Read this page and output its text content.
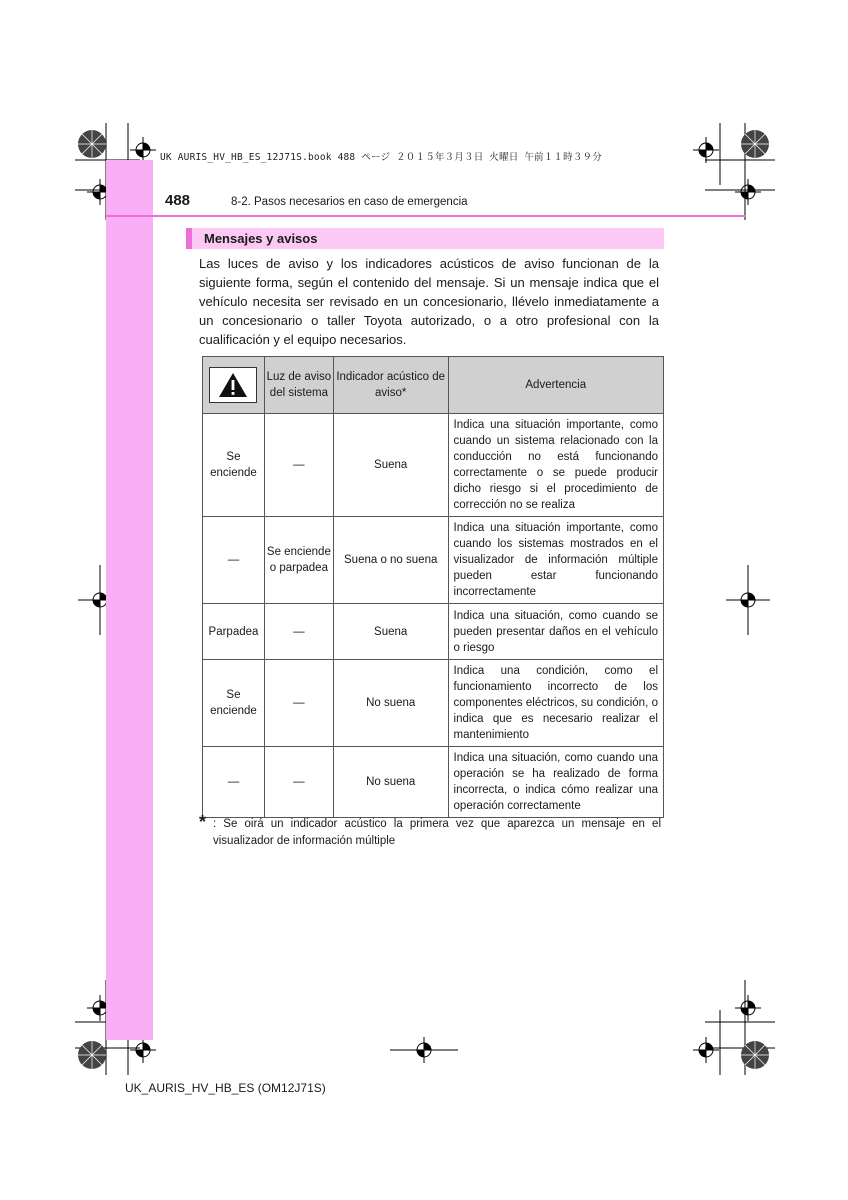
UK AURIS_HV_HB_ES_12J71S.book 488 ページ ２０１５年３月３日 火曜日 午前１１時３９分
488	8-2. Pasos necesarios en caso de emergencia
Mensajes y avisos

Las luces de aviso y los indicadores acústicos de aviso funcionan de la siguiente forma, según el contenido del mensaje. Si un mensaje indica que el vehículo necesita ser revisado en un concesionario, llévelo inmediatamente a un concesionario o taller Toyota autorizado, o a otro profesional con la cualificación y el equipo necesarios.

	Luz de aviso del sistema	Indicador acústico de aviso*	Advertencia
Se enciende	—	Suena	Indica una situación importante, como cuando un sistema relacionado con la conducción no está funcionando correctamente o se puede producir dicho riesgo si el procedimiento de corrección no se realiza
—	Se enciende o parpadea	Suena o no suena	Indica una situación importante, como cuando los sistemas mostrados en el visualizador de información múltiple pueden estar funcionando incorrectamente
Parpadea	—	Suena	Indica una situación, como cuando se pueden presentar daños en el vehículo o riesgo
Se enciende	—	No suena	Indica una condición, como el funcionamiento incorrecto de los componentes eléctricos, su condición, o indica que es necesario realizar el mantenimiento
—	—	No suena	Indica una situación, como cuando una operación se ha realizado de forma incorrecta, o indica cómo realizar una operación correctamente
* : Se oirá un indicador acústico la primera vez que aparezca un mensaje en el visualizador de información múltiple

UK_AURIS_HV_HB_ES (OM12J71S)
